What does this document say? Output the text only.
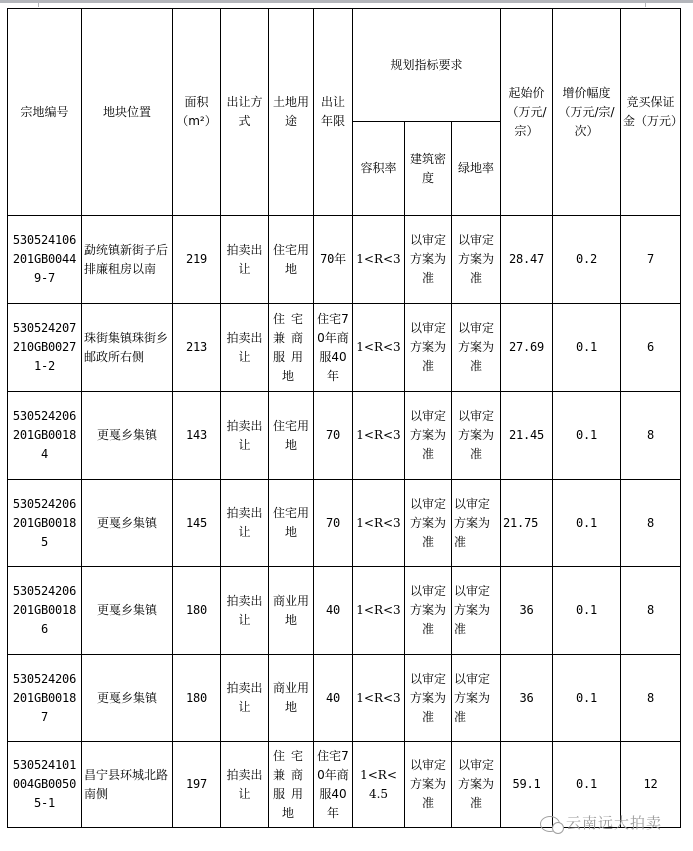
宗地编号	地块位置	面积（m²）	出让方式	土地用途	出让年限	规划指标要求			起始价（万元/宗）	增价幅度（万元/宗/次）	竞买保证金（万元）
						容积率	建筑密度	绿地率			
530524106201GB00449-7	勐统镇新街子后排廉租房以南	219	拍卖出让	住宅用地	70年	1<R<3	以审定方案为准	以审定方案为准	28.47	0.2	7
530524207210GB00271-2	珠街集镇珠街乡邮政所右侧	213	拍卖出让	住宅兼商服用地	住宅70年商服40年	1<R<3	以审定方案为准	以审定方案为准	27.69	0.1	6
530524206201GB00184	更戛乡集镇	143	拍卖出让	住宅用地	70	1<R<3	以审定方案为准	以审定方案为准	21.45	0.1	8
530524206201GB00185	更戛乡集镇	145	拍卖出让	住宅用地	70	1<R<3	以审定方案为准	以审定方案为准	21.75	0.1	8
530524206201GB00186	更戛乡集镇	180	拍卖出让	商业用地	40	1<R<3	以审定方案为准	以审定方案为准	36	0.1	8
530524206201GB00187	更戛乡集镇	180	拍卖出让	商业用地	40	1<R<3	以审定方案为准	以审定方案为准	36	0.1	8
530524101004GB00505-1	昌宁县环城北路南侧	197	拍卖出让	住宅兼商服用地	住宅70年商服40年	1<R<4.5	以审定方案为准	以审定方案为准	59.1	0.1	12
云南远大拍卖
